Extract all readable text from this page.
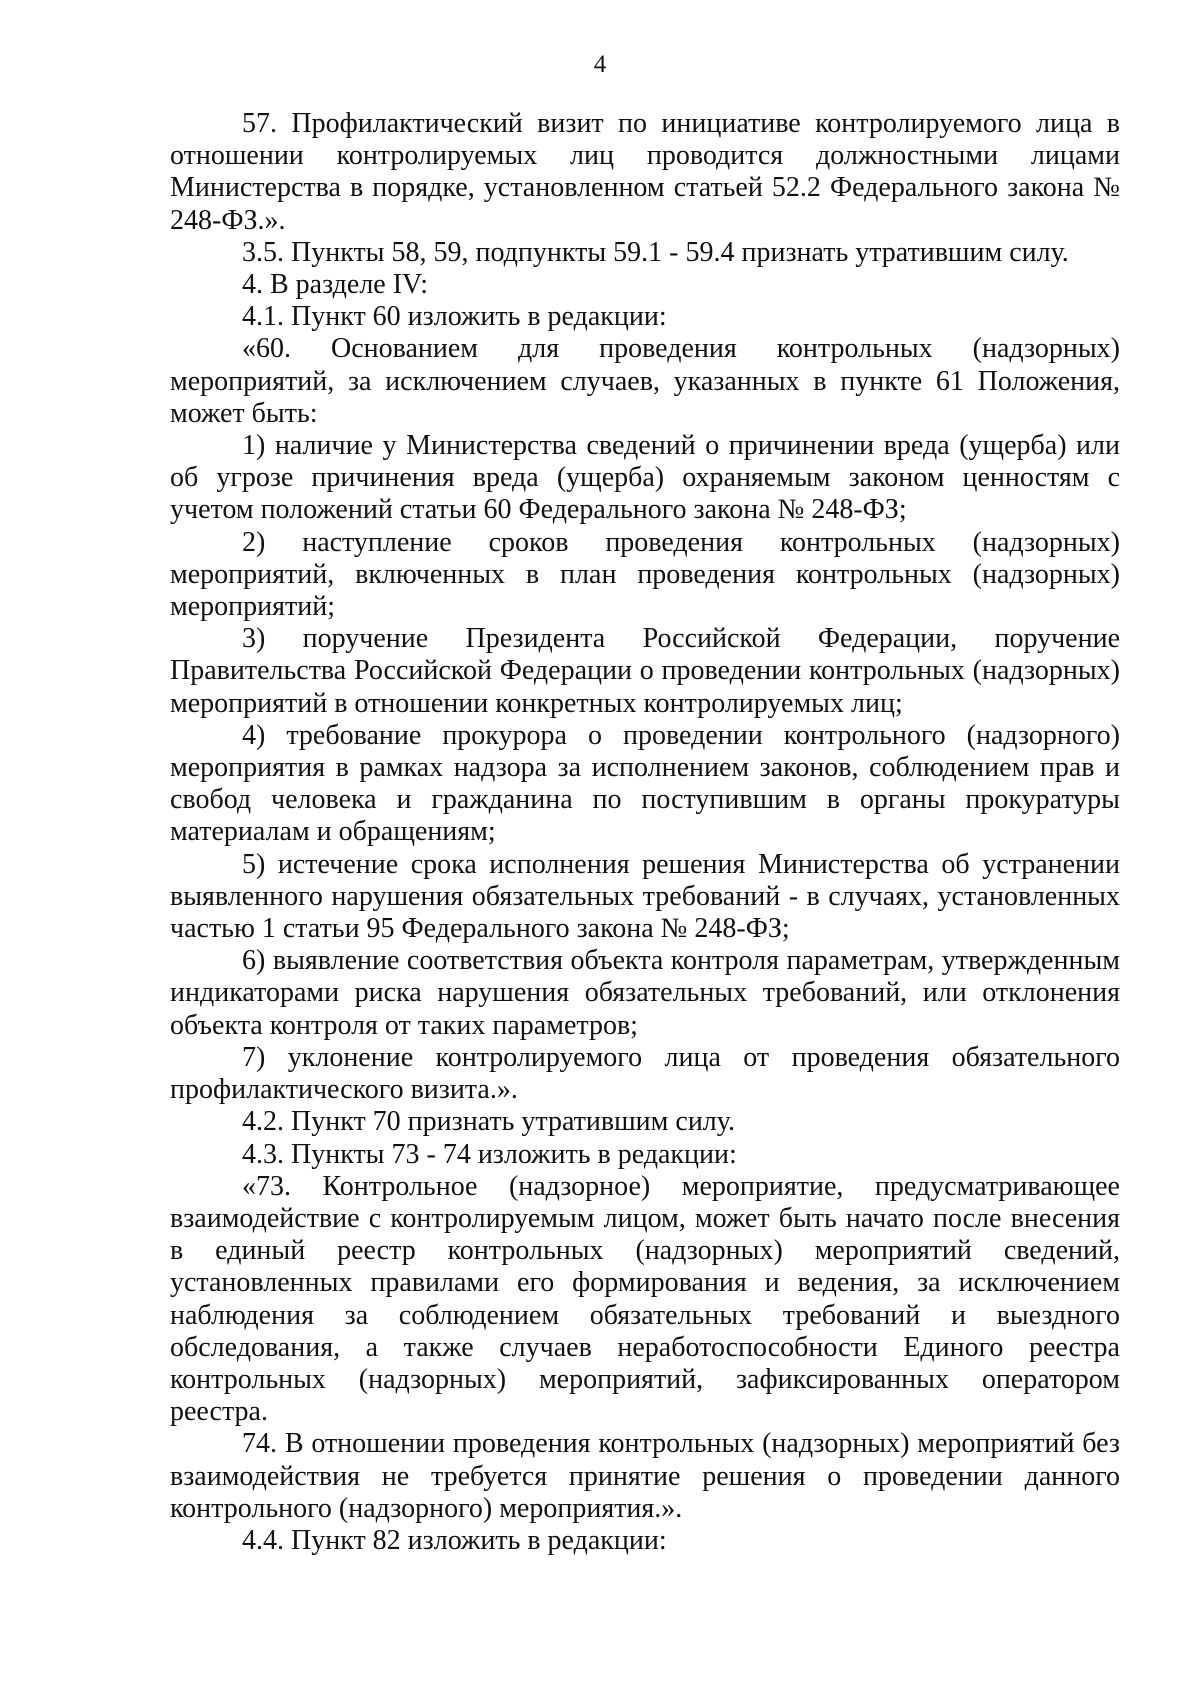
4

57. Профилактический визит по инициативе контролируемого лица в отношении контролируемых лиц проводится должностными лицами Министерства в порядке, установленном статьей 52.2 Федерального закона № 248-ФЗ.».

3.5. Пункты 58, 59, подпункты 59.1 - 59.4 признать утратившим силу.

4. В разделе IV:

4.1. Пункт 60 изложить в редакции:

«60. Основанием для проведения контрольных (надзорных) мероприятий, за исключением случаев, указанных в пункте 61 Положения, может быть:

1) наличие у Министерства сведений о причинении вреда (ущерба) или об угрозе причинения вреда (ущерба) охраняемым законом ценностям с учетом положений статьи 60 Федерального закона № 248-ФЗ;

2) наступление сроков проведения контрольных (надзорных) мероприятий, включенных в план проведения контрольных (надзорных) мероприятий;

3) поручение Президента Российской Федерации, поручение Правительства Российской Федерации о проведении контрольных (надзорных) мероприятий в отношении конкретных контролируемых лиц;

4) требование прокурора о проведении контрольного (надзорного) мероприятия в рамках надзора за исполнением законов, соблюдением прав и свобод человека и гражданина по поступившим в органы прокуратуры материалам и обращениям;

5) истечение срока исполнения решения Министерства об устранении выявленного нарушения обязательных требований - в случаях, установленных частью 1 статьи 95 Федерального закона № 248-ФЗ;

6) выявление соответствия объекта контроля параметрам, утвержденным индикаторами риска нарушения обязательных требований, или отклонения объекта контроля от таких параметров;

7) уклонение контролируемого лица от проведения обязательного профилактического визита.».

4.2. Пункт 70 признать утратившим силу.

4.3. Пункты 73 - 74 изложить в редакции:

«73. Контрольное (надзорное) мероприятие, предусматривающее взаимодействие с контролируемым лицом, может быть начато после внесения в единый реестр контрольных (надзорных) мероприятий сведений, установленных правилами его формирования и ведения, за исключением наблюдения за соблюдением обязательных требований и выездного обследования, а также случаев неработоспособности Единого реестра контрольных (надзорных) мероприятий, зафиксированных оператором реестра.

74. В отношении проведения контрольных (надзорных) мероприятий без взаимодействия не требуется принятие решения о проведении данного контрольного (надзорного) мероприятия.».

4.4. Пункт 82 изложить в редакции:
